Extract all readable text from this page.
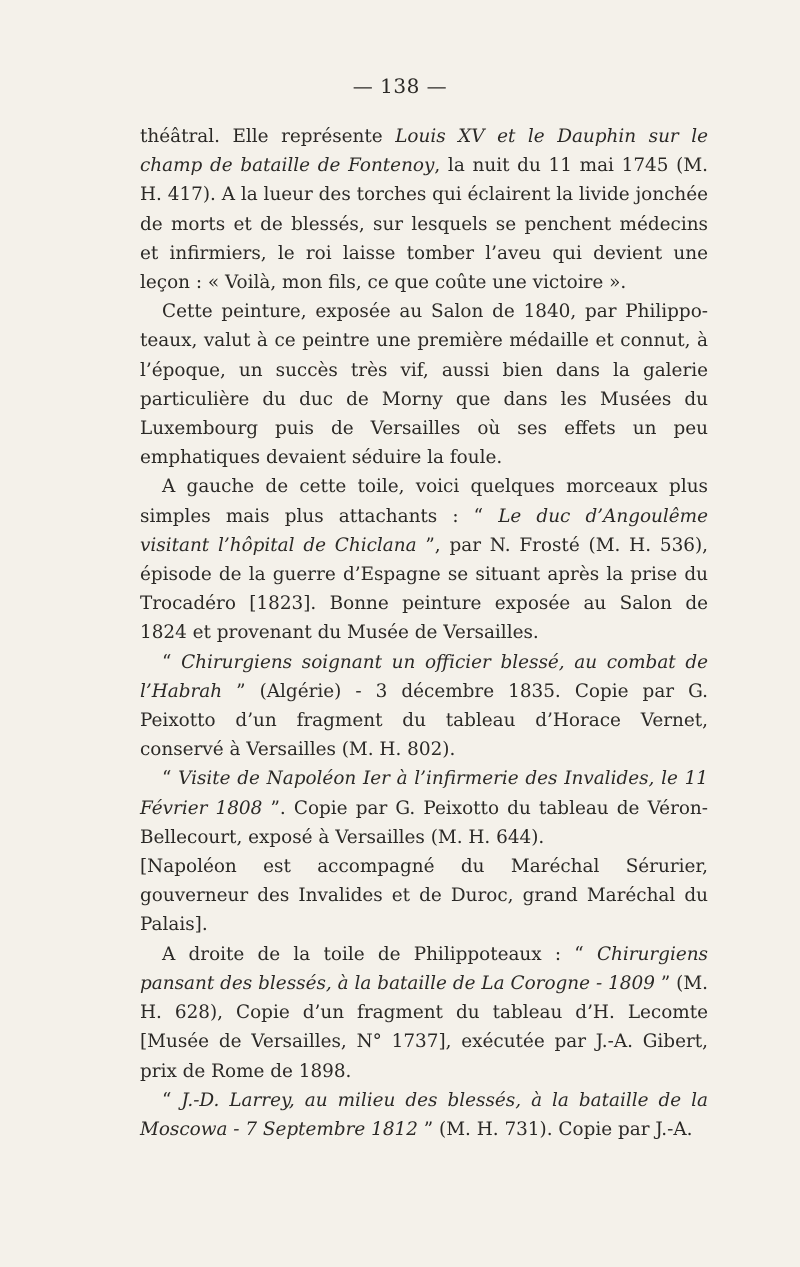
— 138 —

théâtral. Elle représente Louis XV et le Dauphin sur le champ de bataille de Fontenoy, la nuit du 11 mai 1745 (M. H. 417). A la lueur des torches qui éclairent la livide jonchée de morts et de blessés, sur lesquels se penchent médecins et infirmiers, le roi laisse tomber l’aveu qui devient une leçon : « Voilà, mon fils, ce que coûte une victoire ».

Cette peinture, exposée au Salon de 1840, par Philippo-teaux, valut à ce peintre une première médaille et connut, à l’époque, un succès très vif, aussi bien dans la galerie particulière du duc de Morny que dans les Musées du Luxembourg puis de Versailles où ses effets un peu emphatiques devaient séduire la foule.

A gauche de cette toile, voici quelques morceaux plus simples mais plus attachants : “ Le duc d’Angoulême visitant l’hôpital de Chiclana ”, par N. Frosté (M. H. 536), épisode de la guerre d’Espagne se situant après la prise du Trocadéro [1823]. Bonne peinture exposée au Salon de 1824 et provenant du Musée de Versailles.

“ Chirurgiens soignant un officier blessé, au combat de l’Habrah ” (Algérie) - 3 décembre 1835. Copie par G. Peixotto d’un fragment du tableau d’Horace Vernet, conservé à Versailles (M. H. 802).

“ Visite de Napoléon Ier à l’infirmerie des Invalides, le 11 Février 1808 ”. Copie par G. Peixotto du tableau de Véron-Bellecourt, exposé à Versailles (M. H. 644).

[Napoléon est accompagné du Maréchal Sérurier, gouverneur des Invalides et de Duroc, grand Maréchal du Palais].

A droite de la toile de Philippoteaux : “ Chirurgiens pansant des blessés, à la bataille de La Corogne - 1809 ” (M. H. 628), Copie d’un fragment du tableau d’H. Lecomte [Musée de Versailles, N° 1737], exécutée par J.-A. Gibert, prix de Rome de 1898.

“ J.-D. Larrey, au milieu des blessés, à la bataille de la Moscowa - 7 Septembre 1812 ” (M. H. 731). Copie par J.-A.
